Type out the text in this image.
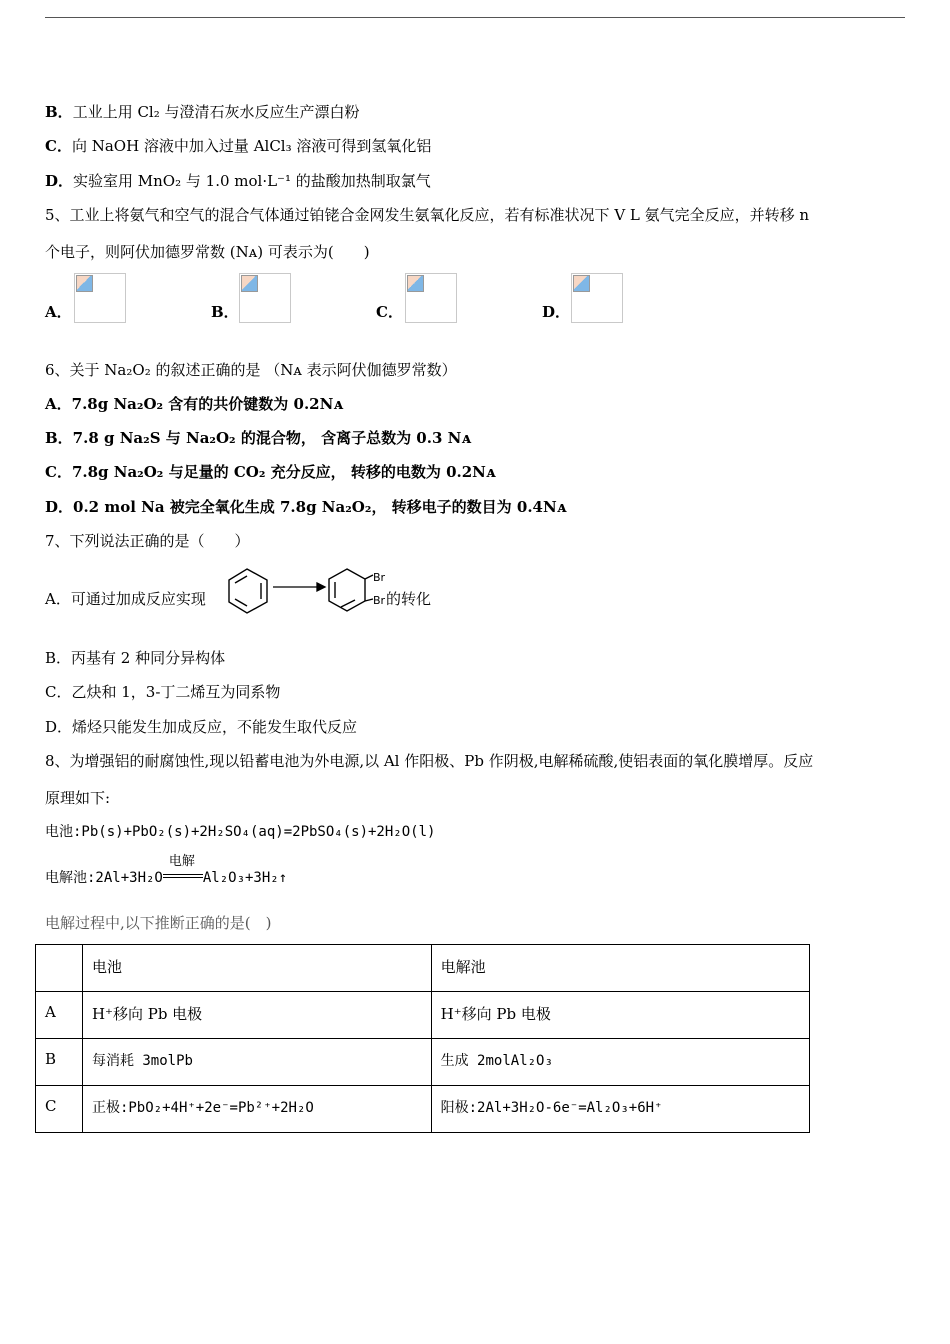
B．工业上用 Cl₂ 与澄清石灰水反应生产漂白粉
C．向 NaOH 溶液中加入过量 AlCl₃ 溶液可得到氢氧化铝
D．实验室用 MnO₂ 与 1.0 mol·L⁻¹ 的盐酸加热制取氯气
5、工业上将氨气和空气的混合气体通过铂铑合金网发生氨氧化反应，若有标准状况下 V L 氨气完全反应，并转移 n
个电子，则阿伏加德罗常数 (Nᴀ) 可表示为(　　)
A．	B．	C．	D．
6、关于 Na₂O₂ 的叙述正确的是 （Nᴀ 表示阿伏伽德罗常数）
A．7.8g Na₂O₂ 含有的共价键数为 0.2Nᴀ
B．7.8 g Na₂S 与 Na₂O₂ 的混合物， 含离子总数为 0.3 Nᴀ
C．7.8g Na₂O₂ 与足量的 CO₂ 充分反应， 转移的电数为 0.2Nᴀ
D．0.2 mol Na 被完全氧化生成 7.8g Na₂O₂， 转移电子的数目为 0.4Nᴀ
7、下列说法正确的是（　　）
A．可通过加成反应实现
Br
Br 的转化
B．丙基有 2 种同分异构体
C．乙炔和 1，3-丁二烯互为同系物
D．烯烃只能发生加成反应，不能发生取代反应
8、为增强铝的耐腐蚀性,现以铅蓄电池为外电源,以 Al 作阳极、Pb 作阴极,电解稀硫酸,使铝表面的氧化膜增厚。反应
原理如下:
电池:Pb(s)+PbO₂(s)+2H₂SO₄(aq)=2PbSO₄(s)+2H₂O(l)
电解池:2Al+3H₂O
电解
Al₂O₃+3H₂↑
电解过程中,以下推断正确的是(　)
	电池	电解池
A	H⁺移向 Pb 电极	H⁺移向 Pb 电极
B	每消耗 3molPb	生成 2molAl₂O₃
C	正极:PbO₂+4H⁺+2e⁻=Pb²⁺+2H₂O	阳极:2Al+3H₂O-6e⁻=Al₂O₃+6H⁺
